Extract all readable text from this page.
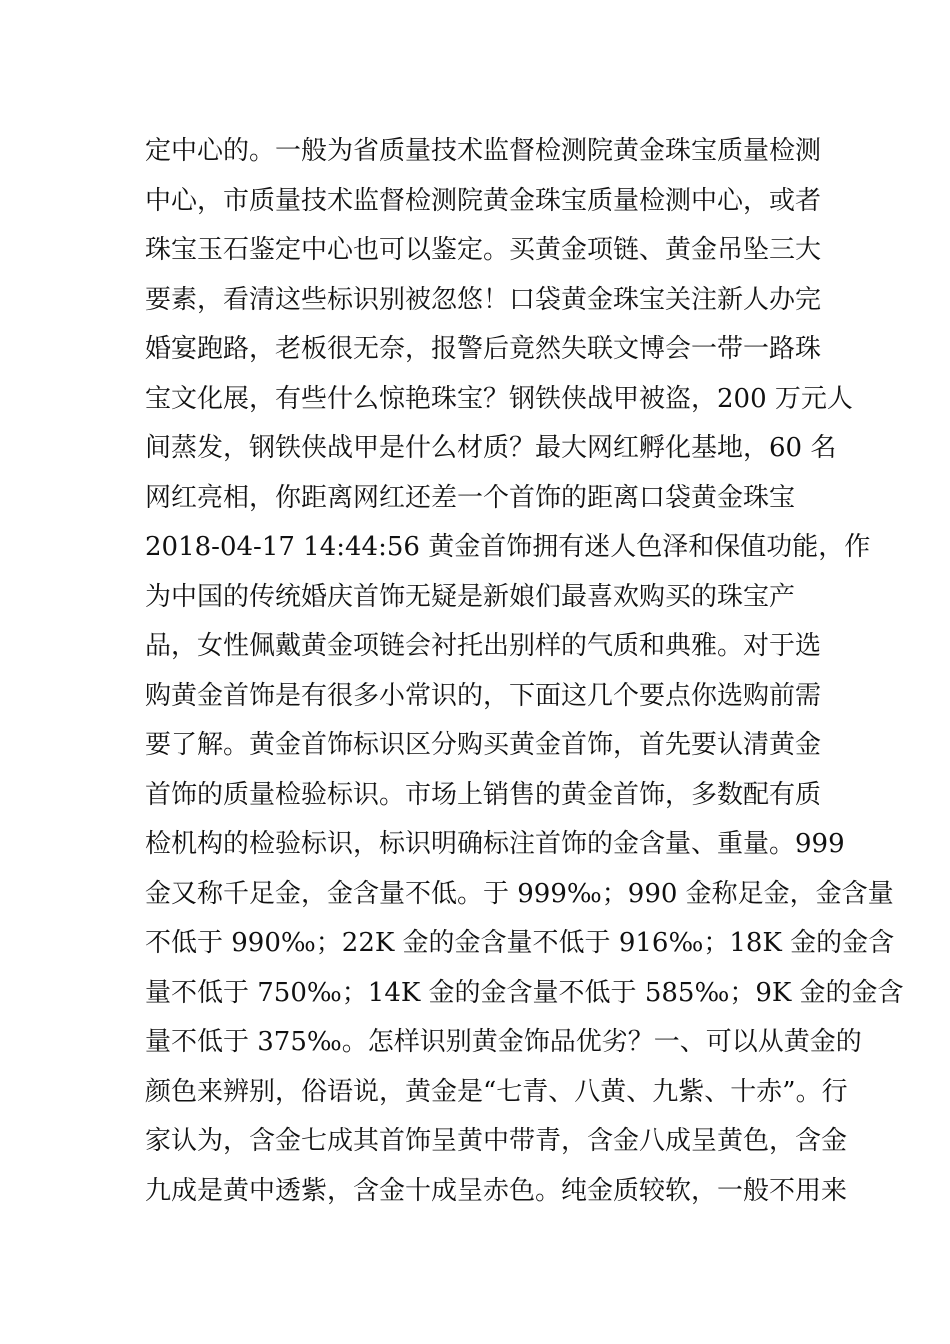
定中心的。一般为省质量技术监督检测院黄金珠宝质量检测
中心，市质量技术监督检测院黄金珠宝质量检测中心，或者
珠宝玉石鉴定中心也可以鉴定。买黄金项链、黄金吊坠三大
要素，看清这些标识别被忽悠！口袋黄金珠宝关注新人办完
婚宴跑路，老板很无奈，报警后竟然失联文博会一带一路珠
宝文化展，有些什么惊艳珠宝？钢铁侠战甲被盗，200 万元人
间蒸发，钢铁侠战甲是什么材质？最大网红孵化基地，60 名
网红亮相，你距离网红还差一个首饰的距离口袋黄金珠宝
2018-04-17 14:44:56 黄金首饰拥有迷人色泽和保值功能，作
为中国的传统婚庆首饰无疑是新娘们最喜欢购买的珠宝产
品，女性佩戴黄金项链会衬托出别样的气质和典雅。对于选
购黄金首饰是有很多小常识的，下面这几个要点你选购前需
要了解。黄金首饰标识区分购买黄金首饰，首先要认清黄金
首饰的质量检验标识。市场上销售的黄金首饰，多数配有质
检机构的检验标识，标识明确标注首饰的金含量、重量。999
金又称千足金，金含量不低。于 999‰；990 金称足金，金含量
不低于 990‰；22K 金的金含量不低于 916‰；18K 金的金含
量不低于 750‰；14K 金的金含量不低于 585‰；9K 金的金含
量不低于 375‰。怎样识别黄金饰品优劣？一、可以从黄金的
颜色来辨别，俗语说，黄金是“七青、八黄、九紫、十赤”。行
家认为，含金七成其首饰呈黄中带青，含金八成呈黄色，含金
九成是黄中透紫，含金十成呈赤色。纯金质较软，一般不用来
